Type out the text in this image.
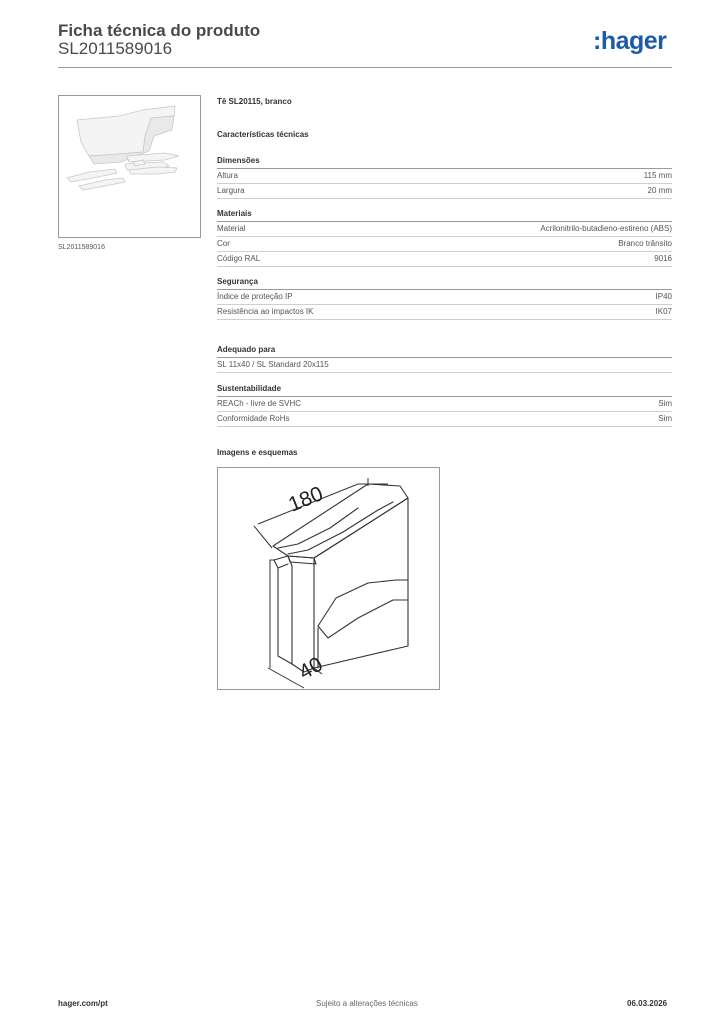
Ficha técnica do produto
SL2011589016	:hager
SL2011589016
Tê SL20115, branco
Características técnicas
Dimensões
Altura	115 mm
Largura	20 mm
Materiais
Material	Acrilonitrilo-butadieno-estireno (ABS)
Cor	Branco trânsito
Código RAL	9016
Segurança
Índice de proteção IP	IP40
Resistência ao impactos IK	IK07
Adequado para
SL 11x40 / SL Standard 20x115
Sustentabilidade
REACh - livre de SVHC	Sim
Conformidade RoHs	Sim
Imagens e esquemas
180
40
hager.com/pt	Sujeito a alterações técnicas	06.03.2026
